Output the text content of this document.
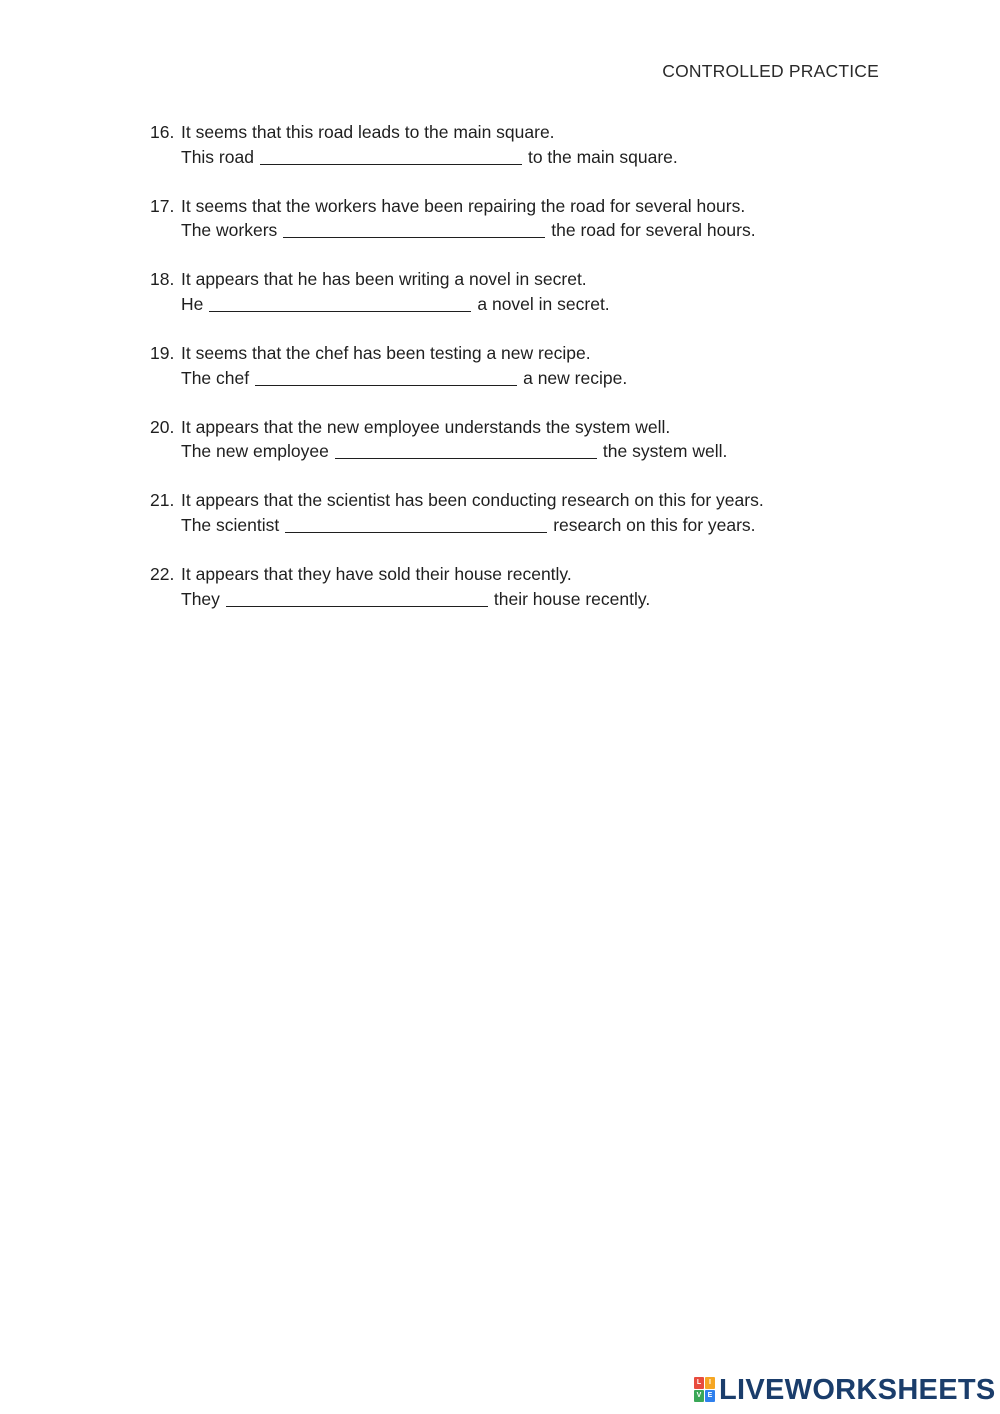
CONTROLLED PRACTICE
16. It seems that this road leads to the main square.
This road	to the main square.
17. It seems that the workers have been repairing the road for several hours.
The workers	the road for several hours.
18. It appears that he has been writing a novel in secret.
He	a novel in secret.
19. It seems that the chef has been testing a new recipe.
The chef	a new recipe.
20. It appears that the new employee understands the system well.
The new employee	the system well.
21. It appears that the scientist has been conducting research on this for years.
The scientist	research on this for years.
22. It appears that they have sold their house recently.
They	their house recently.
L	I
V E LIVEWORKSHEETS
